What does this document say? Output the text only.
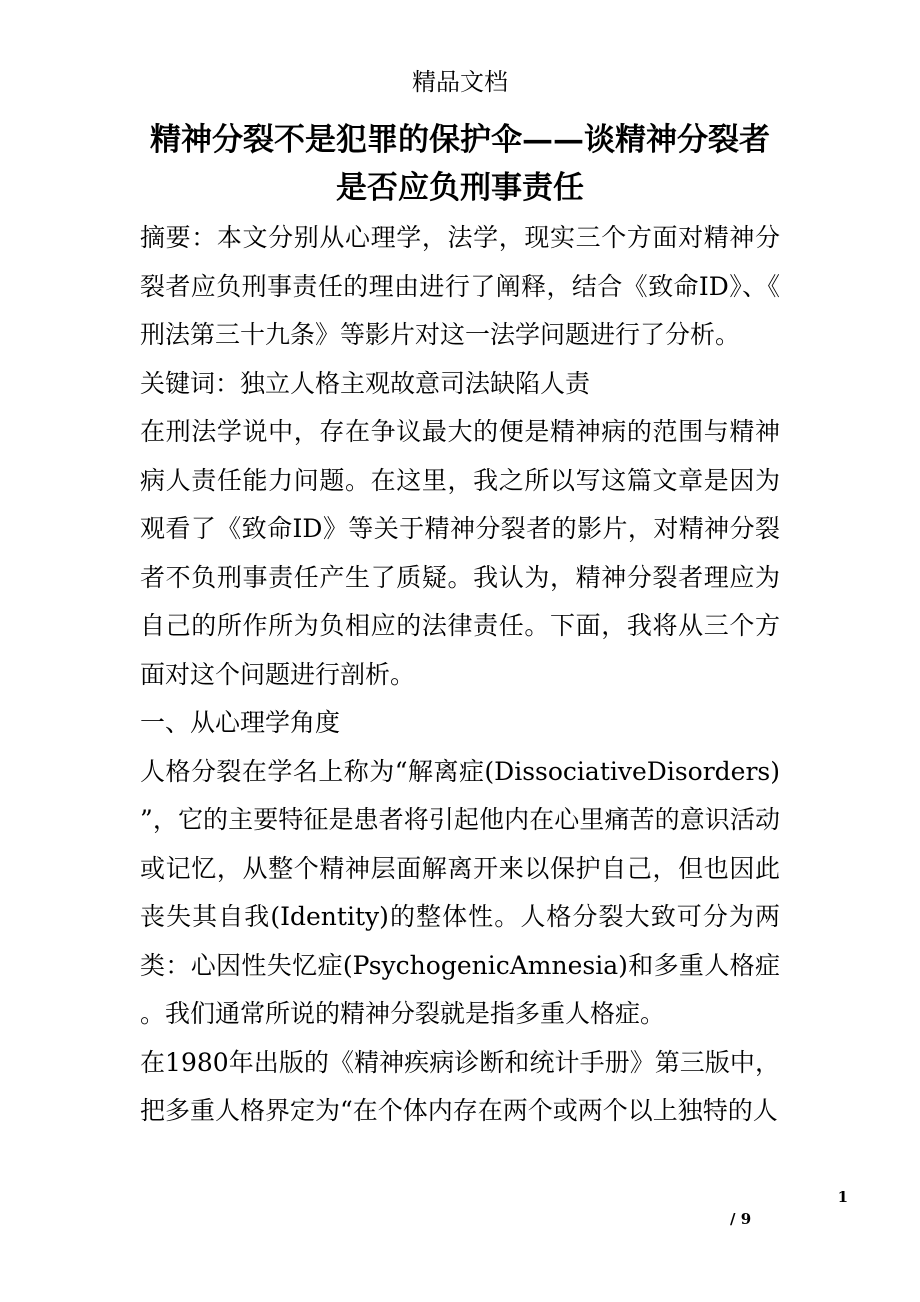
精品文档
精神分裂不是犯罪的保护伞——谈精神分裂者是否应负刑事责任

摘要：本文分别从心理学，法学，现实三个方面对精神分裂者应负刑事责任的理由进行了阐释，结合《致命ID》、《刑法第三十九条》等影片对这一法学问题进行了分析。

关键词：独立人格主观故意司法缺陷人责

在刑法学说中，存在争议最大的便是精神病的范围与精神病人责任能力问题。在这里，我之所以写这篇文章是因为观看了《致命ID》等关于精神分裂者的影片，对精神分裂者不负刑事责任产生了质疑。我认为，精神分裂者理应为自己的所作所为负相应的法律责任。下面，我将从三个方面对这个问题进行剖析。

一、从心理学角度

人格分裂在学名上称为“解离症(DissociativeDisorders)”，它的主要特征是患者将引起他内在心里痛苦的意识活动或记忆，从整个精神层面解离开来以保护自己，但也因此丧失其自我(Identity)的整体性。人格分裂大致可分为两类：心因性失忆症(PsychogenicAmnesia)和多重人格症。我们通常所说的精神分裂就是指多重人格症。

在1980年出版的《精神疾病诊断和统计手册》第三版中，把多重人格界定为“在个体内存在两个或两个以上独特的人

1
/ 9
